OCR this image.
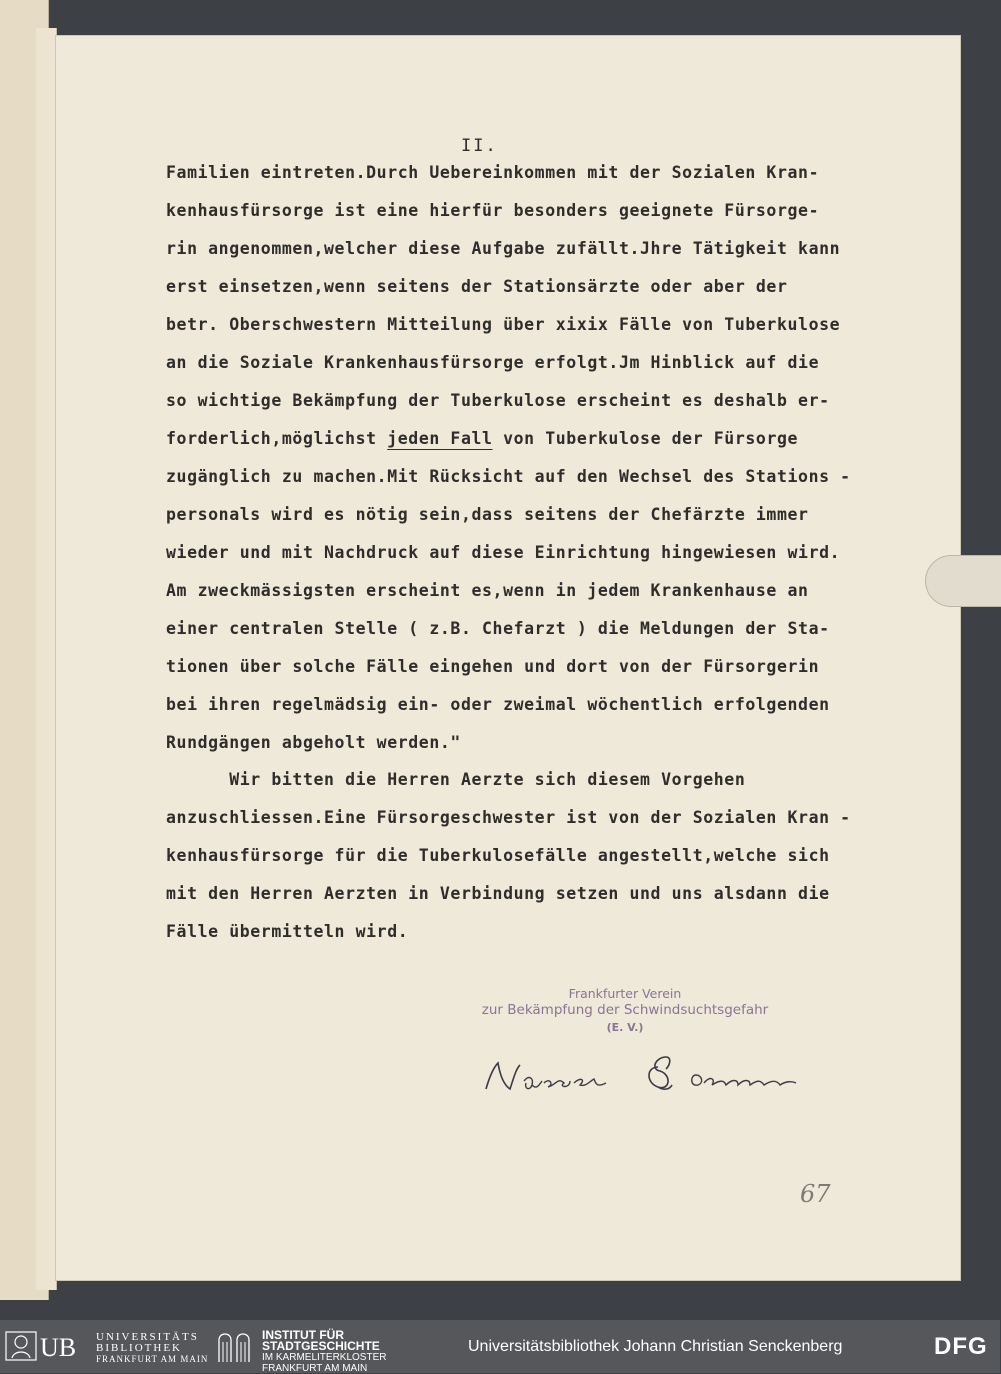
II.
Familien eintreten.Durch Uebereinkommen mit der Sozialen Kran-
kenhausfürsorge ist eine hierfür besonders geeignete Fürsorge-
rin angenommen,welcher diese Aufgabe zufällt.Jhre Tätigkeit kann
erst einsetzen,wenn seitens der Stationsärzte oder aber der
betr. Oberschwestern Mitteilung über xixix Fälle von Tuberkulose
an die Soziale Krankenhausfürsorge erfolgt.Jm Hinblick auf die
so wichtige Bekämpfung der Tuberkulose erscheint es deshalb er-
forderlich,möglichst jeden Fall von Tuberkulose der Fürsorge
zugänglich zu machen.Mit Rücksicht auf den Wechsel des Stations -
personals wird es nötig sein,dass seitens der Chefärzte immer
wieder und mit Nachdruck auf diese Einrichtung hingewiesen wird.
Am zweckmässigsten erscheint es,wenn in jedem Krankenhause an
einer centralen Stelle ( z.B. Chefarzt ) die Meldungen der Sta-
tionen über solche Fälle eingehen und dort von der Fürsorgerin
bei ihren regelmädsig ein- oder zweimal wöchentlich erfolgenden
Rundgängen abgeholt werden."
Wir bitten die Herren Aerzte sich diesem Vorgehen
anzuschliessen.Eine Fürsorgeschwester ist von der Sozialen Kran -
kenhausfürsorge für die Tuberkulosefälle angestellt,welche sich
mit den Herren Aerzten in Verbindung setzen und uns alsdann die
Fälle übermitteln wird.
Frankfurter Verein
zur Bekämpfung der Schwindsuchtsgefahr
(E. V.)
67
UB UNIVERSITÄTS
BIBLIOTHEK
FRANKFURT AM MAIN
INSTITUT FÜR
STADTGESCHICHTE
IM KARMELITERKLOSTER
FRANKFURT AM MAIN
Universitätsbibliothek Johann Christian Senckenberg	DFG
